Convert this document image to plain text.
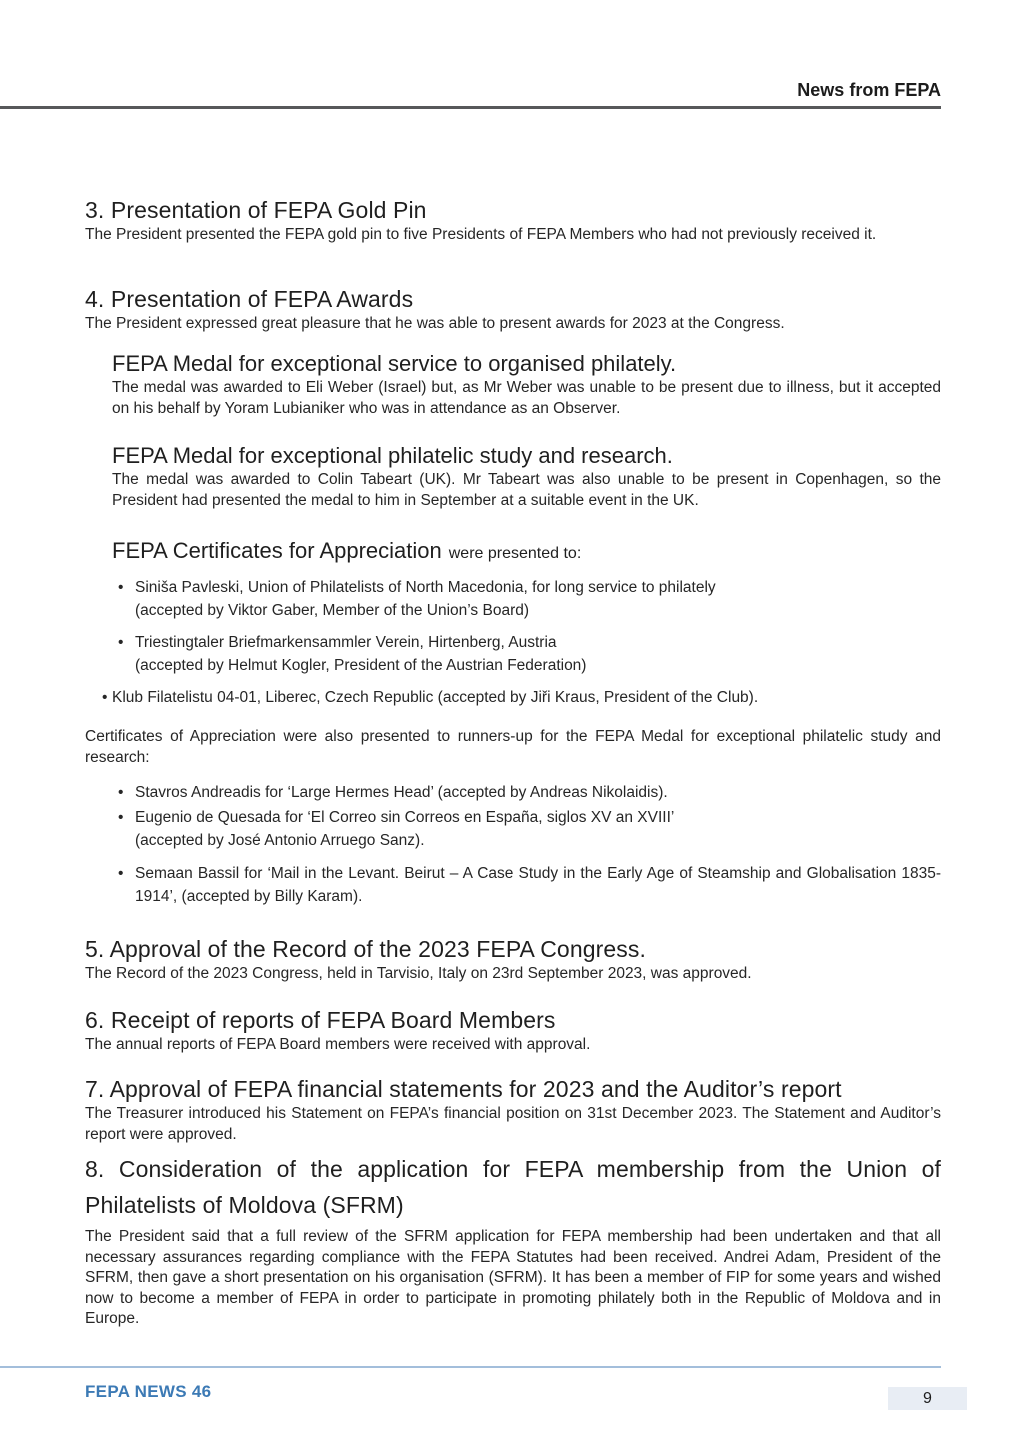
News from FEPA
3. Presentation of FEPA Gold Pin

The President presented the FEPA gold pin to five Presidents of FEPA Members who had not previously received it.

4. Presentation of FEPA Awards

The President expressed great pleasure that he was able to present awards for 2023 at the Congress.

FEPA Medal for exceptional service to organised philately.

The medal was awarded to Eli Weber (Israel) but, as Mr Weber was unable to be present due to illness, but it accepted on his behalf by Yoram Lubianiker who was in attendance as an Observer.

FEPA Medal for exceptional philatelic study and research.

The medal was awarded to Colin Tabeart (UK). Mr Tabeart was also unable to be present in Copenhagen, so the President had presented the medal to him in September at a suitable event in the UK.

FEPA Certificates for Appreciation were presented to:
• Siniša Pavleski, Union of Philatelists of North Macedonia, for long service to philately
(accepted by Viktor Gaber, Member of the Union’s Board)
• Triestingtaler Briefmarkensammler Verein, Hirtenberg, Austria
(accepted by Helmut Kogler, President of the Austrian Federation)
• Klub Filatelistu 04-01, Liberec, Czech Republic (accepted by Jiři Kraus, President of the Club).

Certificates of Appreciation were also presented to runners-up for the FEPA Medal for exceptional philatelic study and research:

• Stavros Andreadis for ‘Large Hermes Head’ (accepted by Andreas Nikolaidis).
• Eugenio de Quesada for ‘El Correo sin Correos en España, siglos XV an XVIII’
(accepted by José Antonio Arruego Sanz).
• Semaan Bassil for ‘Mail in the Levant. Beirut – A Case Study in the Early Age of Steamship and Globalisation 1835-1914’, (accepted by Billy Karam).
5. Approval of the Record of the 2023 FEPA Congress.

The Record of the 2023 Congress, held in Tarvisio, Italy on 23rd September 2023, was approved.

6. Receipt of reports of FEPA Board Members

The annual reports of FEPA Board members were received with approval.

7. Approval of FEPA financial statements for 2023 and the Auditor’s report

The Treasurer introduced his Statement on FEPA’s financial position on 31st December 2023. The Statement and Auditor’s report were approved.

8. Consideration of the application for FEPA membership from the Union of Philatelists of Moldova (SFRM)

The President said that a full review of the SFRM application for FEPA membership had been undertaken and that all necessary assurances regarding compliance with the FEPA Statutes had been received. Andrei Adam, President of the SFRM, then gave a short presentation on his organisation (SFRM). It has been a member of FIP for some years and wished now to become a member of FEPA in order to participate in promoting philately both in the Republic of Moldova and in Europe.

FEPA NEWS 46	9
